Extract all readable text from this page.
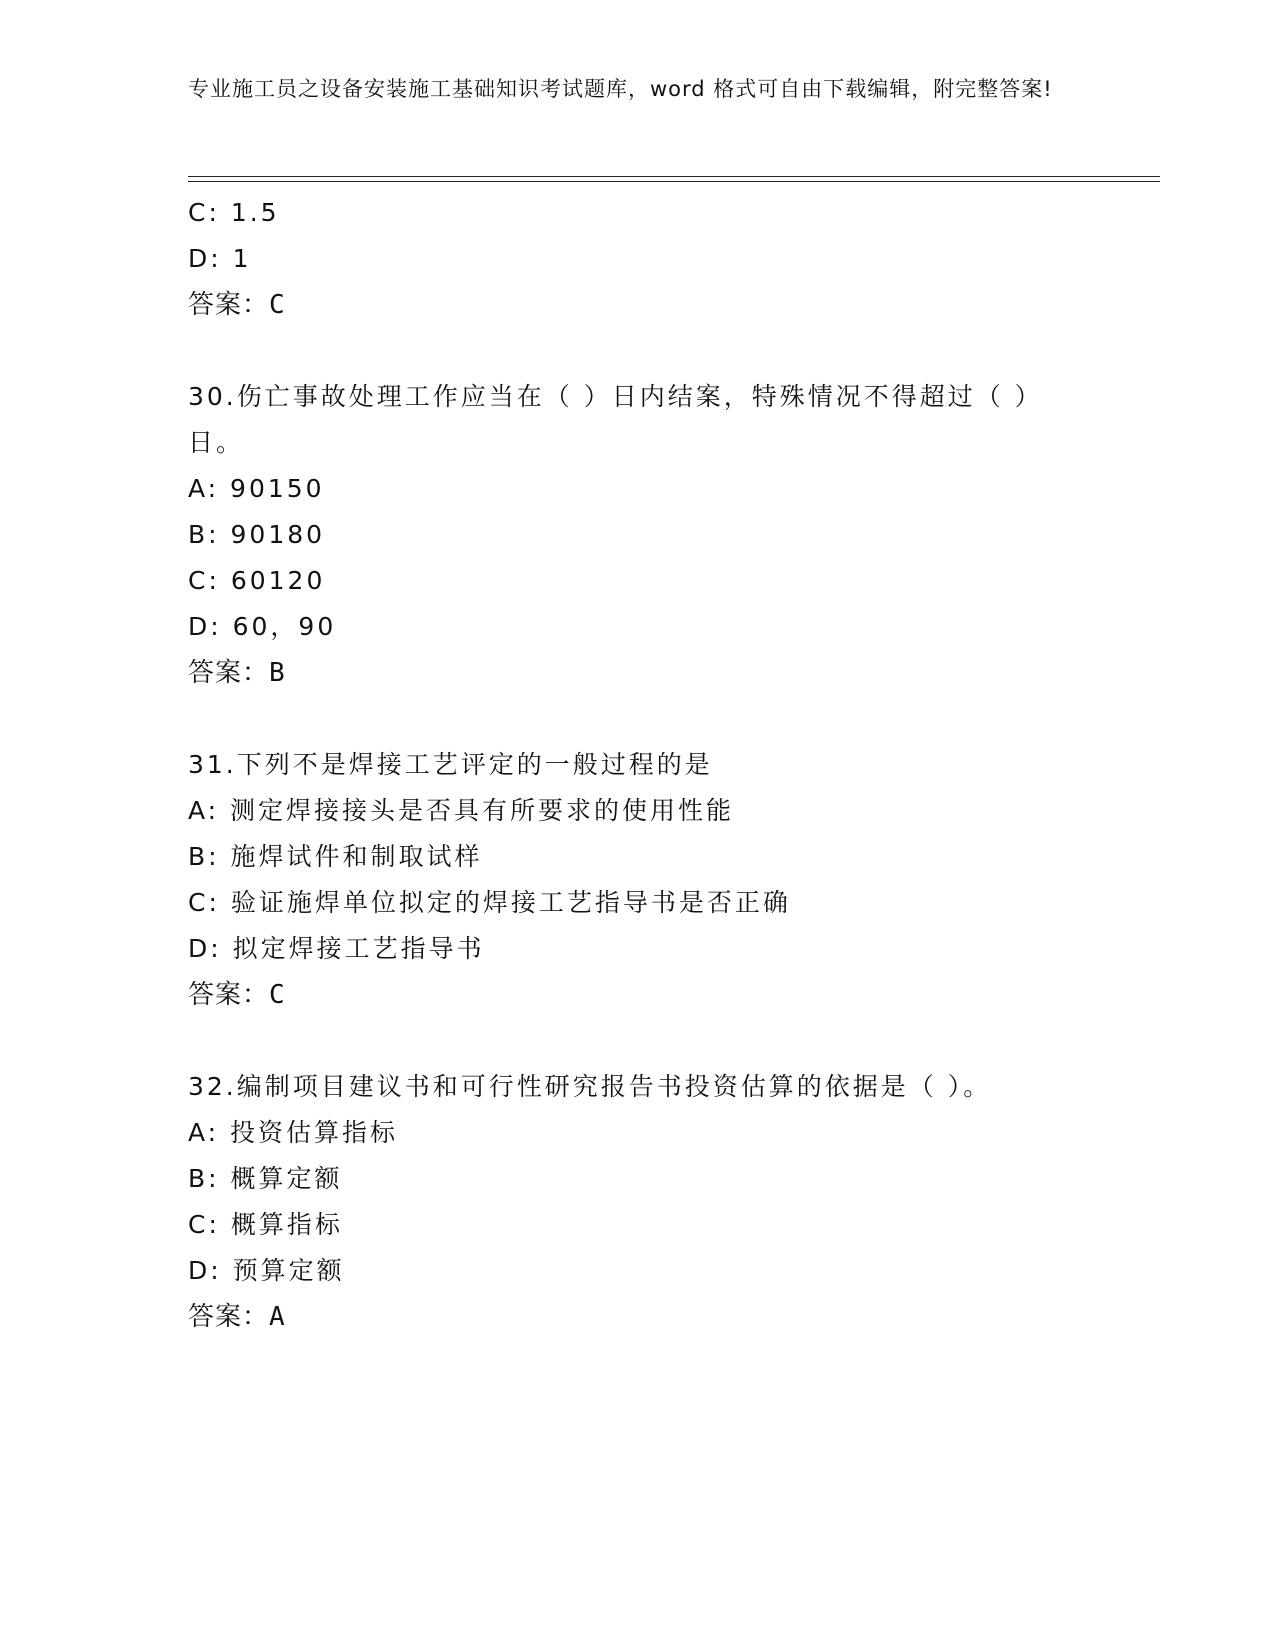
专业施工员之设备安装施工基础知识考试题库，word 格式可自由下载编辑，附完整答案!
C: 1.5
D: 1
答案：C
30.伤亡事故处理工作应当在（ ）日内结案，特殊情况不得超过（ ）日。
A: 90150
B: 90180
C: 60120
D: 60，90
答案：B
31.下列不是焊接工艺评定的一般过程的是
A: 测定焊接接头是否具有所要求的使用性能
B: 施焊试件和制取试样
C: 验证施焊单位拟定的焊接工艺指导书是否正确
D: 拟定焊接工艺指导书
答案：C
32.编制项目建议书和可行性研究报告书投资估算的依据是（ ）。
A: 投资估算指标
B: 概算定额
C: 概算指标
D: 预算定额
答案：A
